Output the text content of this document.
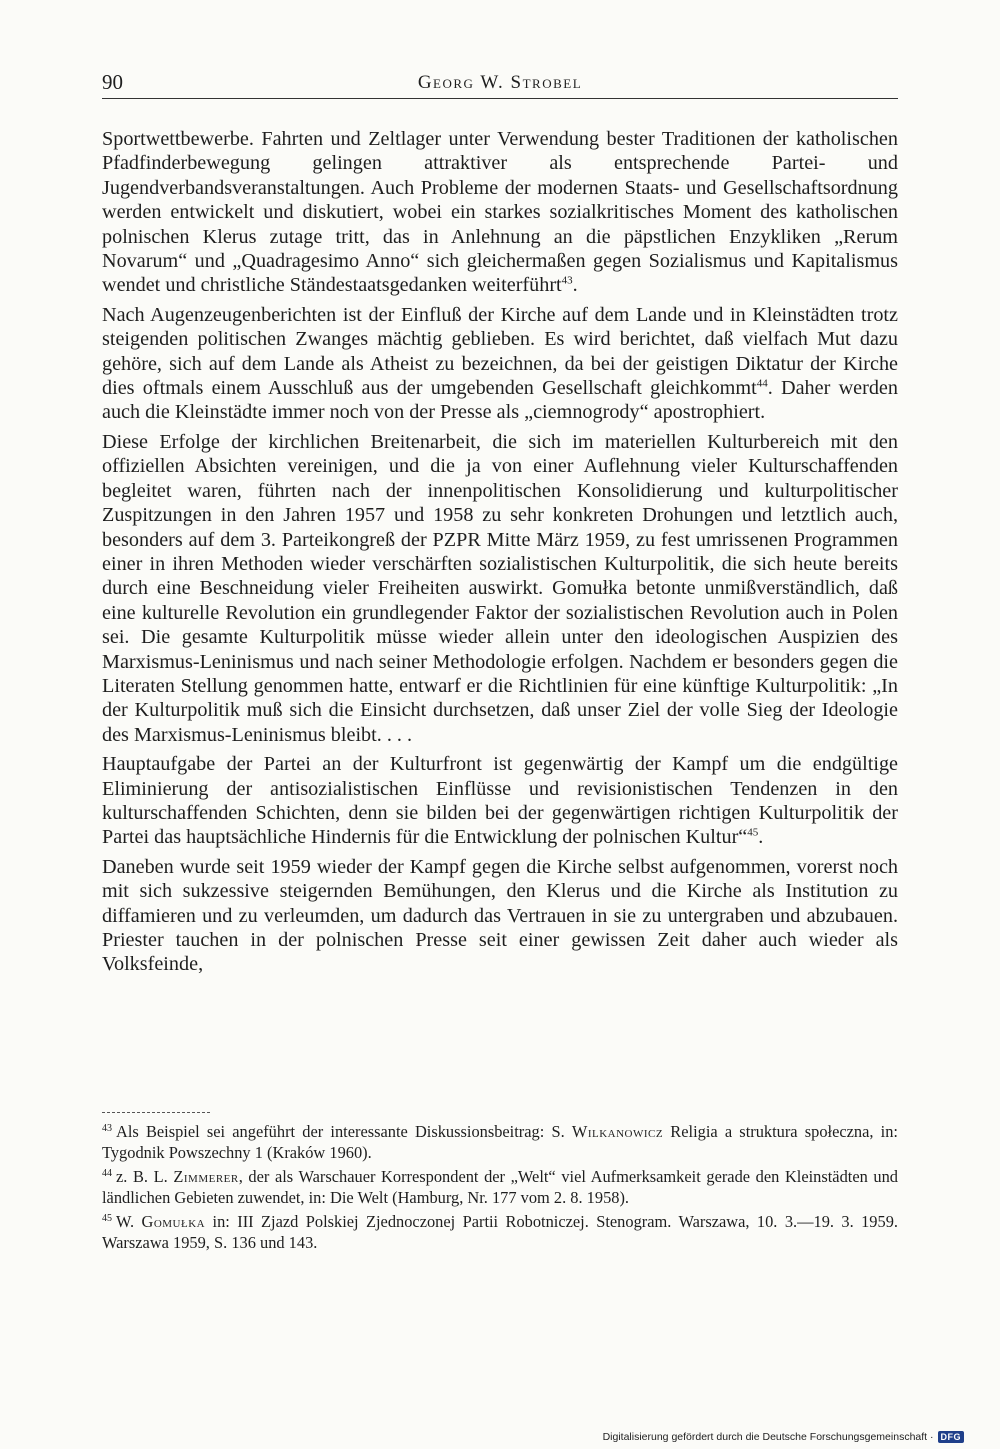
90	Georg W. Strobel

Sportwettbewerbe. Fahrten und Zeltlager unter Verwendung bester Traditionen der katholischen Pfadfinderbewegung gelingen attraktiver als entsprechende Partei- und Jugendverbandsveranstaltungen. Auch Probleme der modernen Staats- und Gesellschaftsordnung werden entwickelt und diskutiert, wobei ein starkes sozialkritisches Moment des katholischen polnischen Klerus zutage tritt, das in Anlehnung an die päpstlichen Enzykliken „Rerum Novarum“ und „Quadragesimo Anno“ sich gleichermaßen gegen Sozialismus und Kapitalismus wendet und christliche Ständestaatsgedanken weiterführt$^{43}$.

Nach Augenzeugenberichten ist der Einfluß der Kirche auf dem Lande und in Kleinstädten trotz steigenden politischen Zwanges mächtig geblieben. Es wird berichtet, daß vielfach Mut dazu gehöre, sich auf dem Lande als Atheist zu bezeichnen, da bei der geistigen Diktatur der Kirche dies oftmals einem Ausschluß aus der umgebenden Gesellschaft gleichkommt$^{44}$. Daher werden auch die Kleinstädte immer noch von der Presse als „ciemnogrody“ apostrophiert.

Diese Erfolge der kirchlichen Breitenarbeit, die sich im materiellen Kulturbereich mit den offiziellen Absichten vereinigen, und die ja von einer Auflehnung vieler Kulturschaffenden begleitet waren, führten nach der innenpolitischen Konsolidierung und kulturpolitischer Zuspitzungen in den Jahren 1957 und 1958 zu sehr konkreten Drohungen und letztlich auch, besonders auf dem 3. Parteikongreß der PZPR Mitte März 1959, zu fest umrissenen Programmen einer in ihren Methoden wieder verschärften sozialistischen Kulturpolitik, die sich heute bereits durch eine Beschneidung vieler Freiheiten auswirkt. Gomułka betonte unmißverständlich, daß eine kulturelle Revolution ein grundlegender Faktor der sozialistischen Revolution auch in Polen sei. Die gesamte Kulturpolitik müsse wieder allein unter den ideologischen Auspizien des Marxismus-Leninismus und nach seiner Methodologie erfolgen. Nachdem er besonders gegen die Literaten Stellung genommen hatte, entwarf er die Richtlinien für eine künftige Kulturpolitik: „In der Kulturpolitik muß sich die Einsicht durchsetzen, daß unser Ziel der volle Sieg der Ideologie des Marxismus-Leninismus bleibt. . . .

Hauptaufgabe der Partei an der Kulturfront ist gegenwärtig der Kampf um die endgültige Eliminierung der antisozialistischen Einflüsse und revisionistischen Tendenzen in den kulturschaffenden Schichten, denn sie bilden bei der gegenwärtigen richtigen Kulturpolitik der Partei das hauptsächliche Hindernis für die Entwicklung der polnischen Kultur“$^{45}$.

Daneben wurde seit 1959 wieder der Kampf gegen die Kirche selbst aufgenommen, vorerst noch mit sich sukzessive steigernden Bemühungen, den Klerus und die Kirche als Institution zu diffamieren und zu verleumden, um dadurch das Vertrauen in sie zu untergraben und abzubauen. Priester tauchen in der polnischen Presse seit einer gewissen Zeit daher auch wieder als Volksfeinde,

$^{43}$ Als Beispiel sei angeführt der interessante Diskussionsbeitrag: S. Wilkanowicz Religia a struktura społeczna, in: Tygodnik Powszechny 1 (Kraków 1960).

$^{44}$ z. B. L. Zimmerer, der als Warschauer Korrespondent der „Welt“ viel Aufmerksamkeit gerade den Kleinstädten und ländlichen Gebieten zuwendet, in: Die Welt (Hamburg, Nr. 177 vom 2. 8. 1958).

$^{45}$ W. Gomułka in: III Zjazd Polskiej Zjednoczonej Partii Robotniczej. Stenogram. Warszawa, 10. 3.—19. 3. 1959. Warszawa 1959, S. 136 und 143.

Digitalisierung gefördert durch die Deutsche Forschungsgemeinschaft · DFG
